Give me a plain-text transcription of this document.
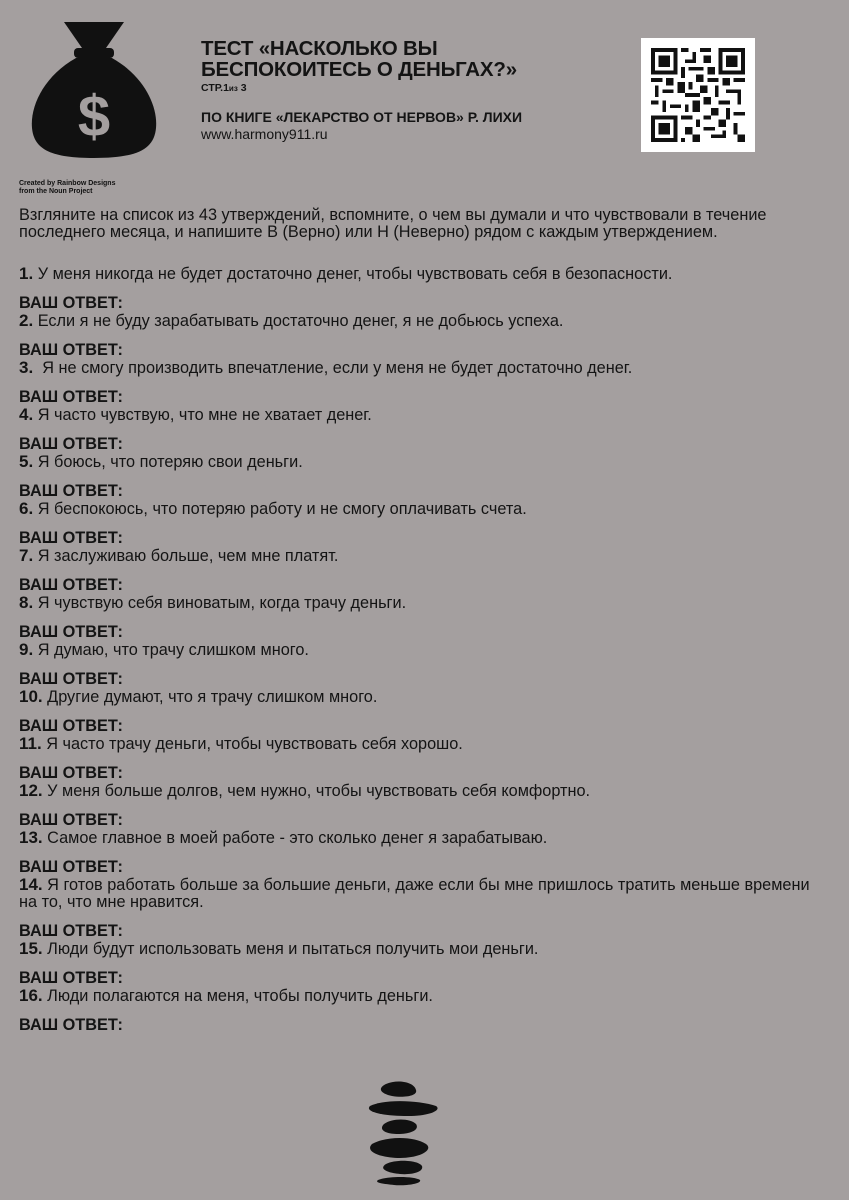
$
Created by Rainbow Designs
from the Noun Project
ТЕСТ «НАСКОЛЬКО ВЫ
БЕСПОКОИТЕСЬ О ДЕНЬГАХ?»
СТР.1из 3
ПО КНИГЕ «ЛЕКАРСТВО ОТ НЕРВОВ» Р. ЛИХИ
www.harmony911.ru
Взгляните на список из 43 утверждений, вспомните, о чем вы думали и что чувствовали в течение последнего месяца, и напишите В (Верно) или Н (Неверно) рядом с каждым утверждением.
1. У меня никогда не будет достаточно денег, чтобы чувствовать себя в безопасности.
ВАШ ОТВЕТ:
2. Если я не буду зарабатывать достаточно денег, я не добьюсь успеха.
ВАШ ОТВЕТ:
3.  Я не смогу производить впечатление, если у меня не будет достаточно денег.
ВАШ ОТВЕТ:
4. Я часто чувствую, что мне не хватает денег.
ВАШ ОТВЕТ:
5. Я боюсь, что потеряю свои деньги.
ВАШ ОТВЕТ:
6. Я беспокоюсь, что потеряю работу и не смогу оплачивать счета.
ВАШ ОТВЕТ:
7. Я заслуживаю больше, чем мне платят.
ВАШ ОТВЕТ:
8. Я чувствую себя виноватым, когда трачу деньги.
ВАШ ОТВЕТ:
9. Я думаю, что трачу слишком много.
ВАШ ОТВЕТ:
10. Другие думают, что я трачу слишком много.
ВАШ ОТВЕТ:
11. Я часто трачу деньги, чтобы чувствовать себя хорошо.
ВАШ ОТВЕТ:
12. У меня больше долгов, чем нужно, чтобы чувствовать себя комфортно.
ВАШ ОТВЕТ:
13. Самое главное в моей работе - это сколько денег я зарабатываю.
ВАШ ОТВЕТ:
14. Я готов работать больше за большие деньги, даже если бы мне пришлось тратить меньше времени на то, что мне нравится.
ВАШ ОТВЕТ:
15. Люди будут использовать меня и пытаться получить мои деньги.
ВАШ ОТВЕТ:
16. Люди полагаются на меня, чтобы получить деньги.
ВАШ ОТВЕТ:
